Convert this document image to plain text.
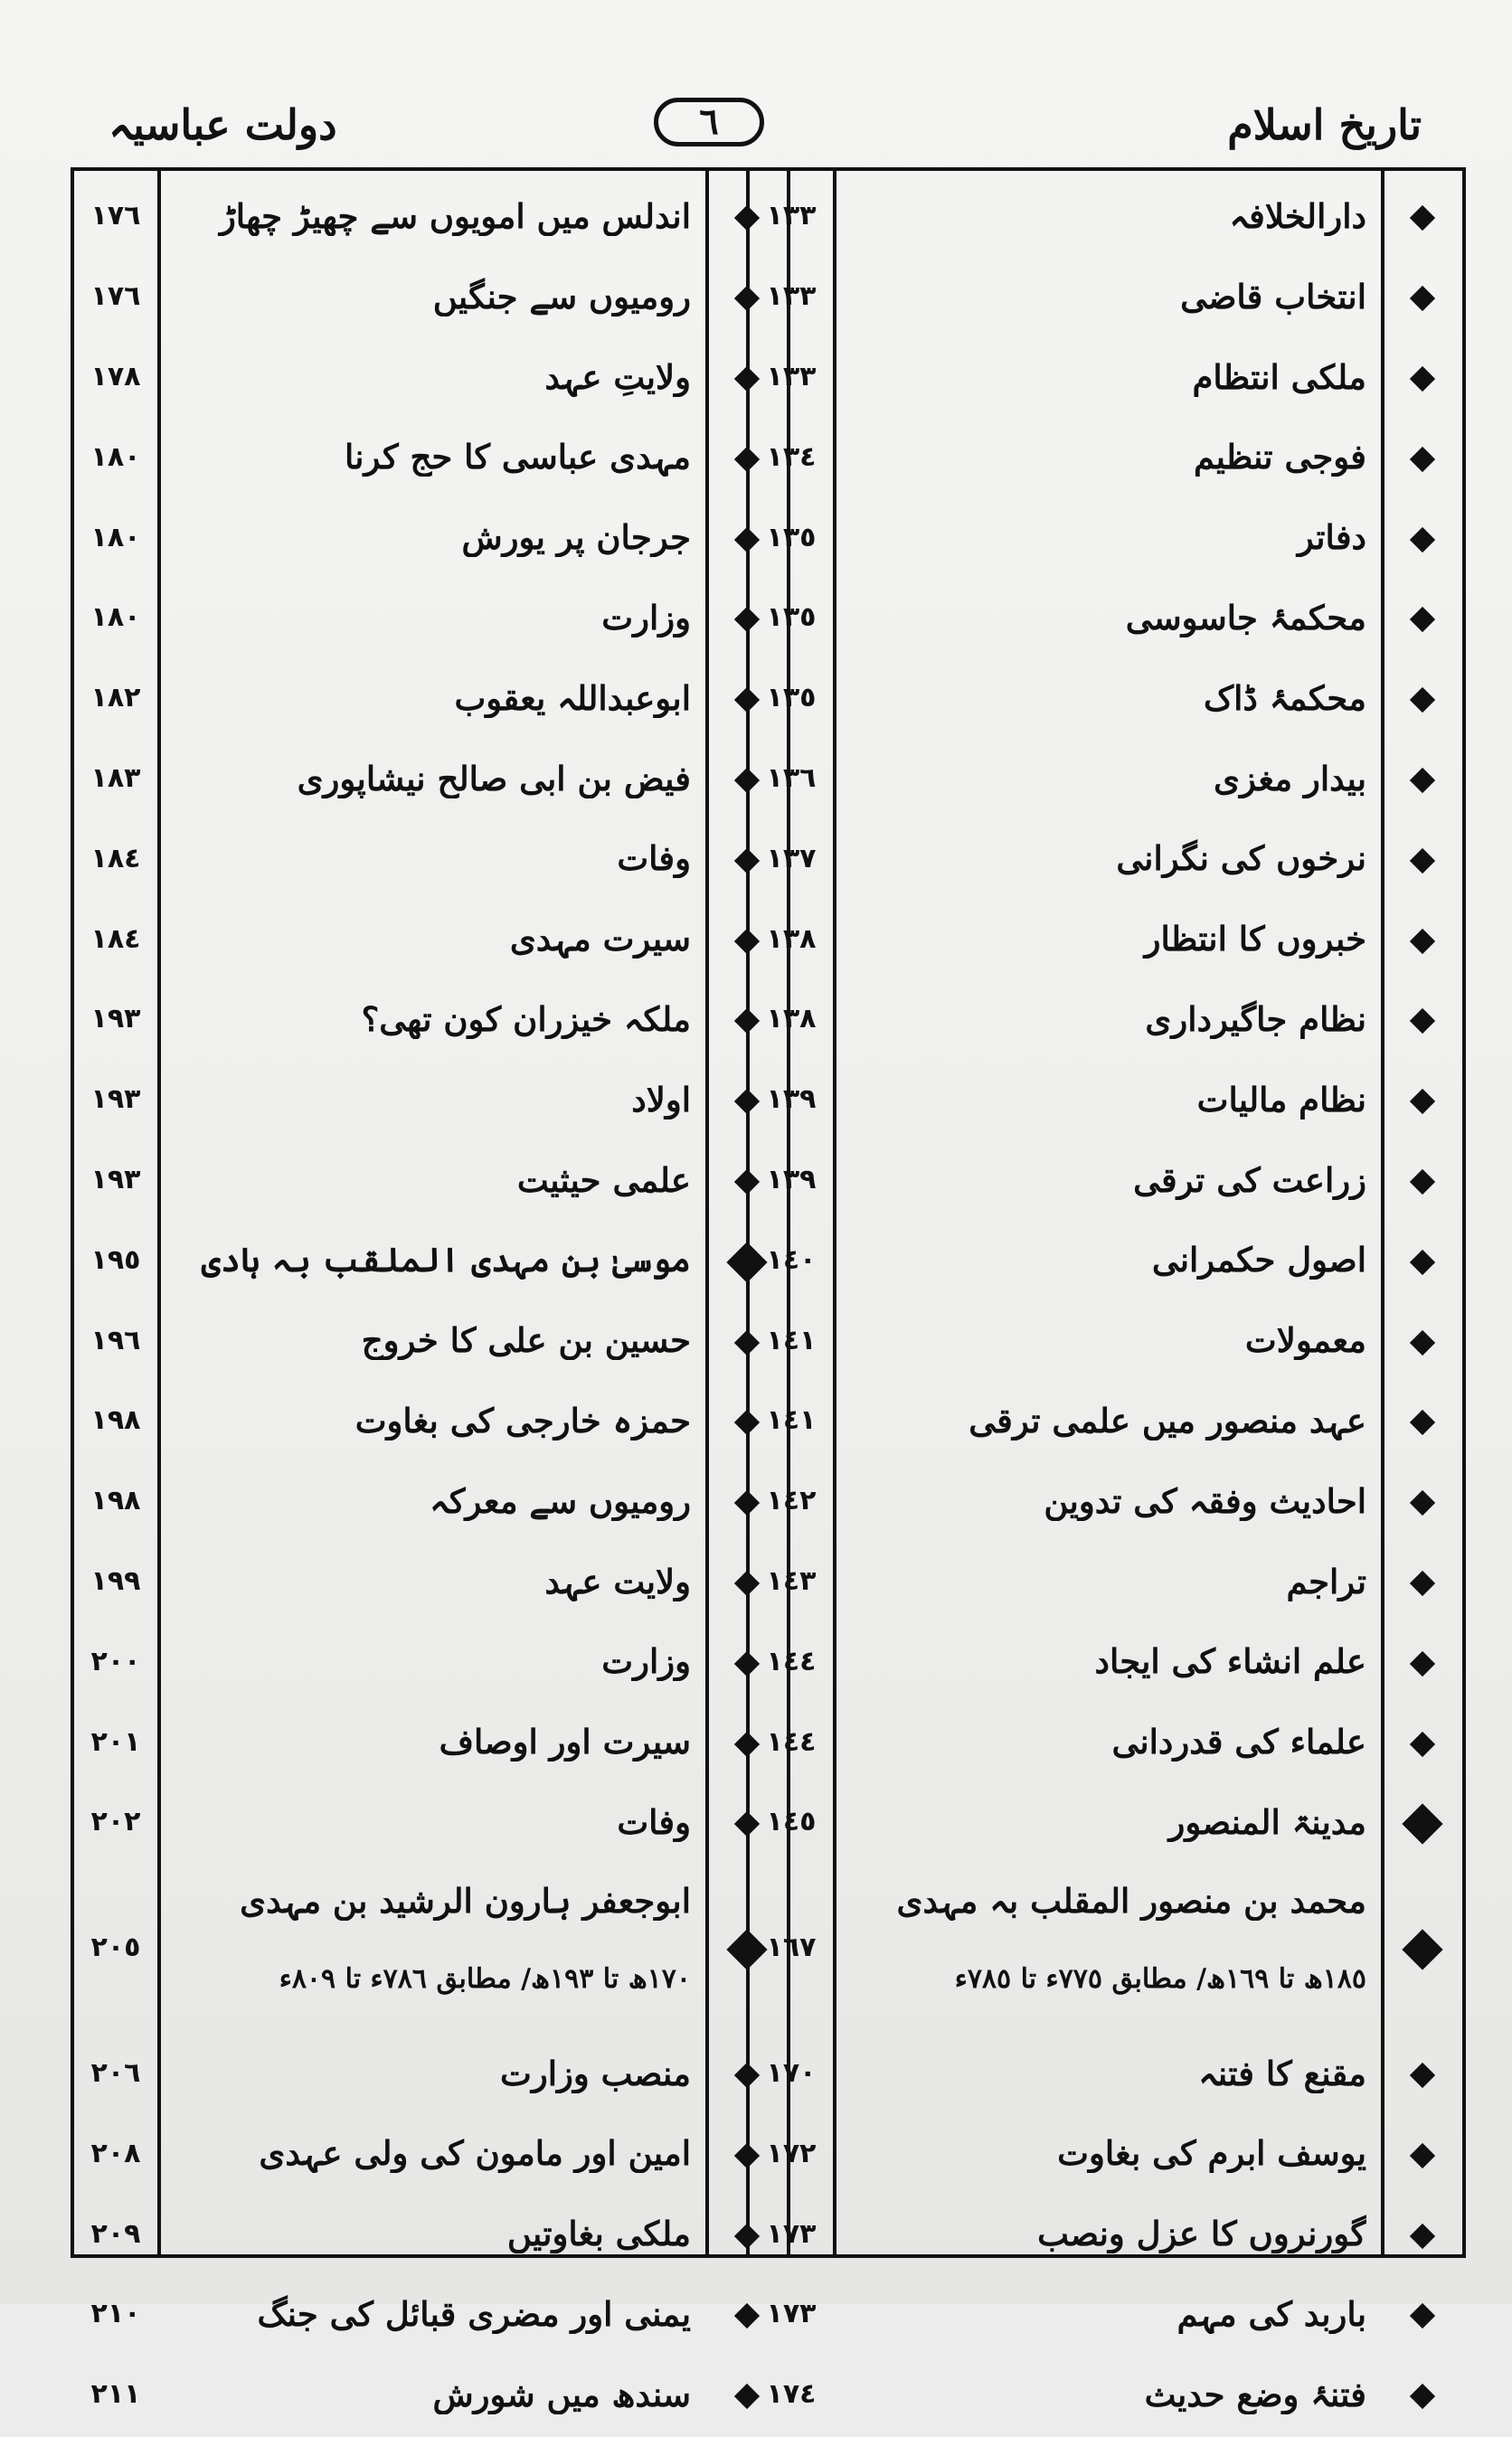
تاریخ اسلام
٦
دولت عباسیہ
اندلس میں امویوں سے چھیڑ چھاڑ
١٧٦
رومیوں سے جنگیں
١٧٦
ولایتِ عہد
١٧٨
مہدی عباسی کا حج کرنا
١٨٠
جرجان پر یورش
١٨٠
وزارت
١٨٠
ابوعبداللہ یعقوب
١٨٢
فیض بن ابی صالح نیشاپوری
١٨٣
وفات
١٨٤
سیرت مہدی
١٨٤
ملکہ خیزران کون تھی؟
١٩٣
اولاد
١٩٣
علمی حیثیت
١٩٣
موسیٰ بن مہدی الملقب بہ ہادی
١٩٥
حسین بن علی کا خروج
١٩٦
حمزہ خارجی کی بغاوت
١٩٨
رومیوں سے معرکہ
١٩٨
ولایت عہد
١٩٩
وزارت
٢٠٠
سیرت اور اوصاف
٢٠١
وفات
٢٠٢
ابوجعفر ہارون الرشید بن مہدی
١٧٠ھ تا ١٩٣ھ/ مطابق ٧٨٦ء تا ٨٠٩ء
٢٠٥
منصب وزارت
٢٠٦
امین اور مامون کی ولی عہدی
٢٠٨
ملکی بغاوتیں
٢٠٩
یمنی اور مضری قبائل کی جنگ
٢١٠
سندھ میں شورش
٢١١
دارالخلافہ
١٣٣
انتخاب قاضی
١٣٣
ملکی انتظام
١٣٣
فوجی تنظیم
١٣٤
دفاتر
١٣٥
محکمۂ جاسوسی
١٣٥
محکمۂ ڈاک
١٣٥
بیدار مغزی
١٣٦
نرخوں کی نگرانی
١٣٧
خبروں کا انتظار
١٣٨
نظام جاگیرداری
١٣٨
نظام مالیات
١٣٩
زراعت کی ترقی
١٣٩
اصول حکمرانی
١٤٠
معمولات
١٤١
عہد منصور میں علمی ترقی
١٤١
احادیث وفقہ کی تدوین
١٤٢
تراجم
١٤٣
علم انشاء کی ایجاد
١٤٤
علماء کی قدردانی
١٤٤
مدینۃ المنصور
١٤٥
محمد بن منصور المقلب بہ مہدی
١٨٥ھ تا ١٦٩ھ/ مطابق ٧٧٥ء تا ٧٨٥ء
١٦٧
مقنع کا فتنہ
١٧٠
یوسف ابرم کی بغاوت
١٧٢
گورنروں کا عزل ونصب
١٧٣
باربد کی مہم
١٧٣
فتنۂ وضع حدیث
١٧٤
